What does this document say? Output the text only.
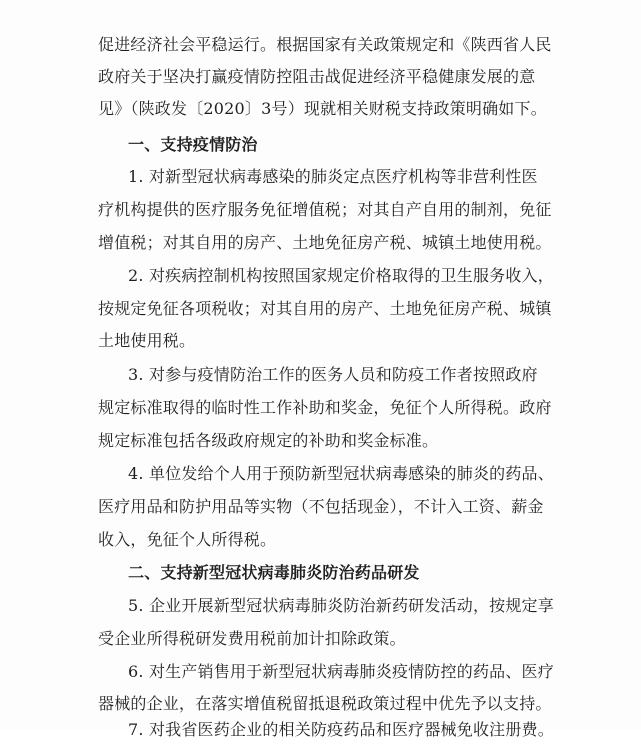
促进经济社会平稳运行。根据国家有关政策规定和《陕西省人民
政府关于坚决打赢疫情防控阻击战促进经济平稳健康发展的意
见》（陕政发〔2020〕3号）现就相关财税支持政策明确如下。
一、支持疫情防治
1. 对新型冠状病毒感染的肺炎定点医疗机构等非营利性医
疗机构提供的医疗服务免征增值税；对其自产自用的制剂，免征
增值税；对其自用的房产、土地免征房产税、城镇土地使用税。
2. 对疾病控制机构按照国家规定价格取得的卫生服务收入，
按规定免征各项税收；对其自用的房产、土地免征房产税、城镇
土地使用税。
3. 对参与疫情防治工作的医务人员和防疫工作者按照政府
规定标准取得的临时性工作补助和奖金，免征个人所得税。政府
规定标准包括各级政府规定的补助和奖金标准。
4. 单位发给个人用于预防新型冠状病毒感染的肺炎的药品、
医疗用品和防护用品等实物（不包括现金），不计入工资、薪金
收入，免征个人所得税。
二、支持新型冠状病毒肺炎防治药品研发
5. 企业开展新型冠状病毒肺炎防治新药研发活动，按规定享
受企业所得税研发费用税前加计扣除政策。
6. 对生产销售用于新型冠状病毒肺炎疫情防控的药品、医疗
器械的企业，在落实增值税留抵退税政策过程中优先予以支持。
7. 对我省医药企业的相关防疫药品和医疗器械免收注册费。
